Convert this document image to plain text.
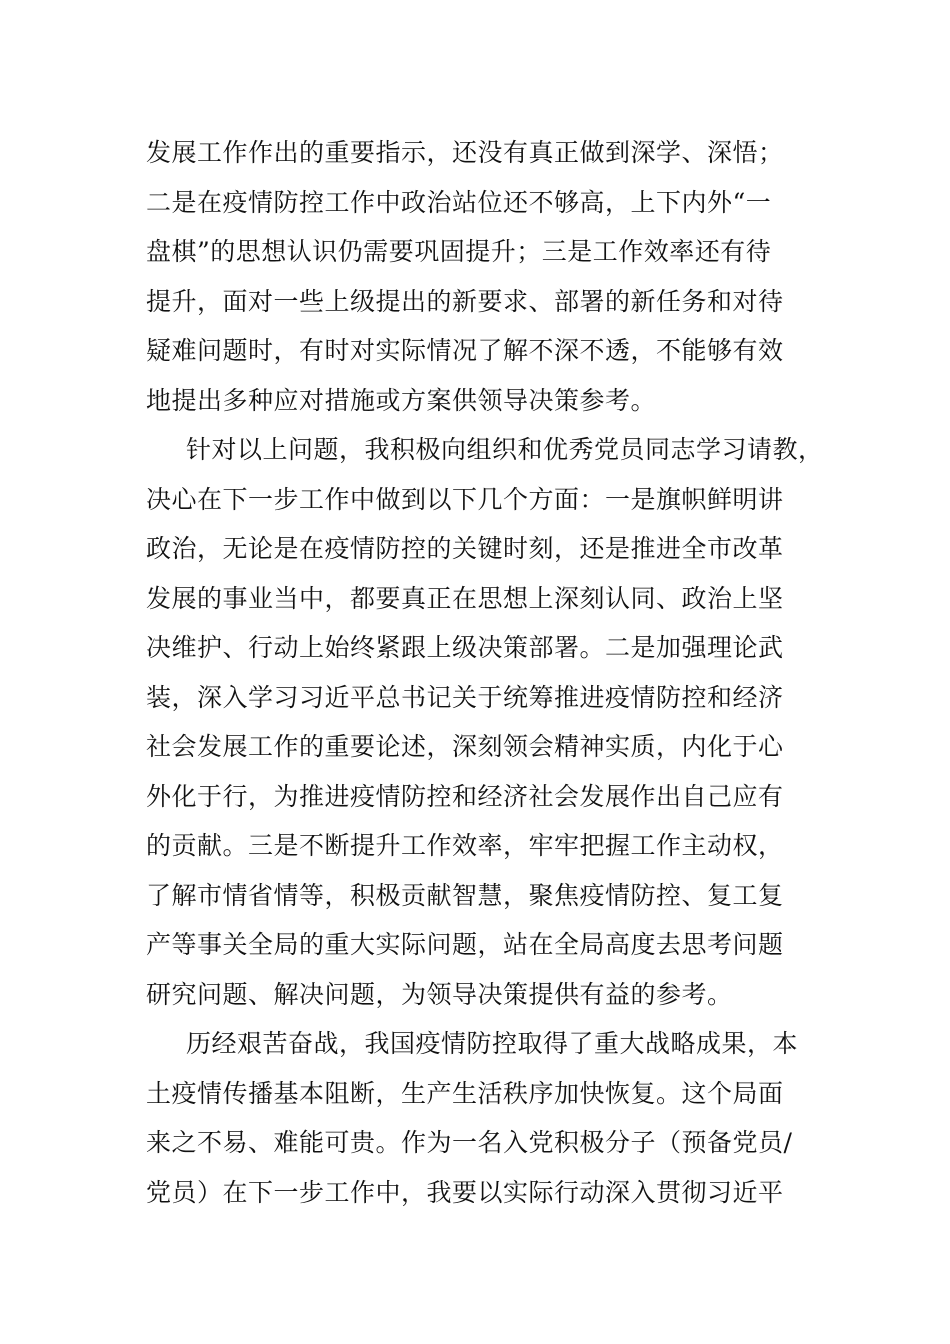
发展工作作出的重要指示，还没有真正做到深学、深悟；
二是在疫情防控工作中政治站位还不够高，上下内外“一
盘棋”的思想认识仍需要巩固提升；三是工作效率还有待
提升，面对一些上级提出的新要求、部署的新任务和对待
疑难问题时，有时对实际情况了解不深不透，不能够有效
地提出多种应对措施或方案供领导决策参考。
针对以上问题，我积极向组织和优秀党员同志学习请教，
决心在下一步工作中做到以下几个方面：一是旗帜鲜明讲
政治，无论是在疫情防控的关键时刻，还是推进全市改革
发展的事业当中，都要真正在思想上深刻认同、政治上坚
决维护、行动上始终紧跟上级决策部署。二是加强理论武
装，深入学习习近平总书记关于统筹推进疫情防控和经济
社会发展工作的重要论述，深刻领会精神实质，内化于心
外化于行，为推进疫情防控和经济社会发展作出自己应有
的贡献。三是不断提升工作效率，牢牢把握工作主动权，
了解市情省情等，积极贡献智慧，聚焦疫情防控、复工复
产等事关全局的重大实际问题，站在全局高度去思考问题
研究问题、解决问题，为领导决策提供有益的参考。
历经艰苦奋战，我国疫情防控取得了重大战略成果，本
土疫情传播基本阻断，生产生活秩序加快恢复。这个局面
来之不易、难能可贵。作为一名入党积极分子（预备党员/
党员）在下一步工作中，我要以实际行动深入贯彻习近平
